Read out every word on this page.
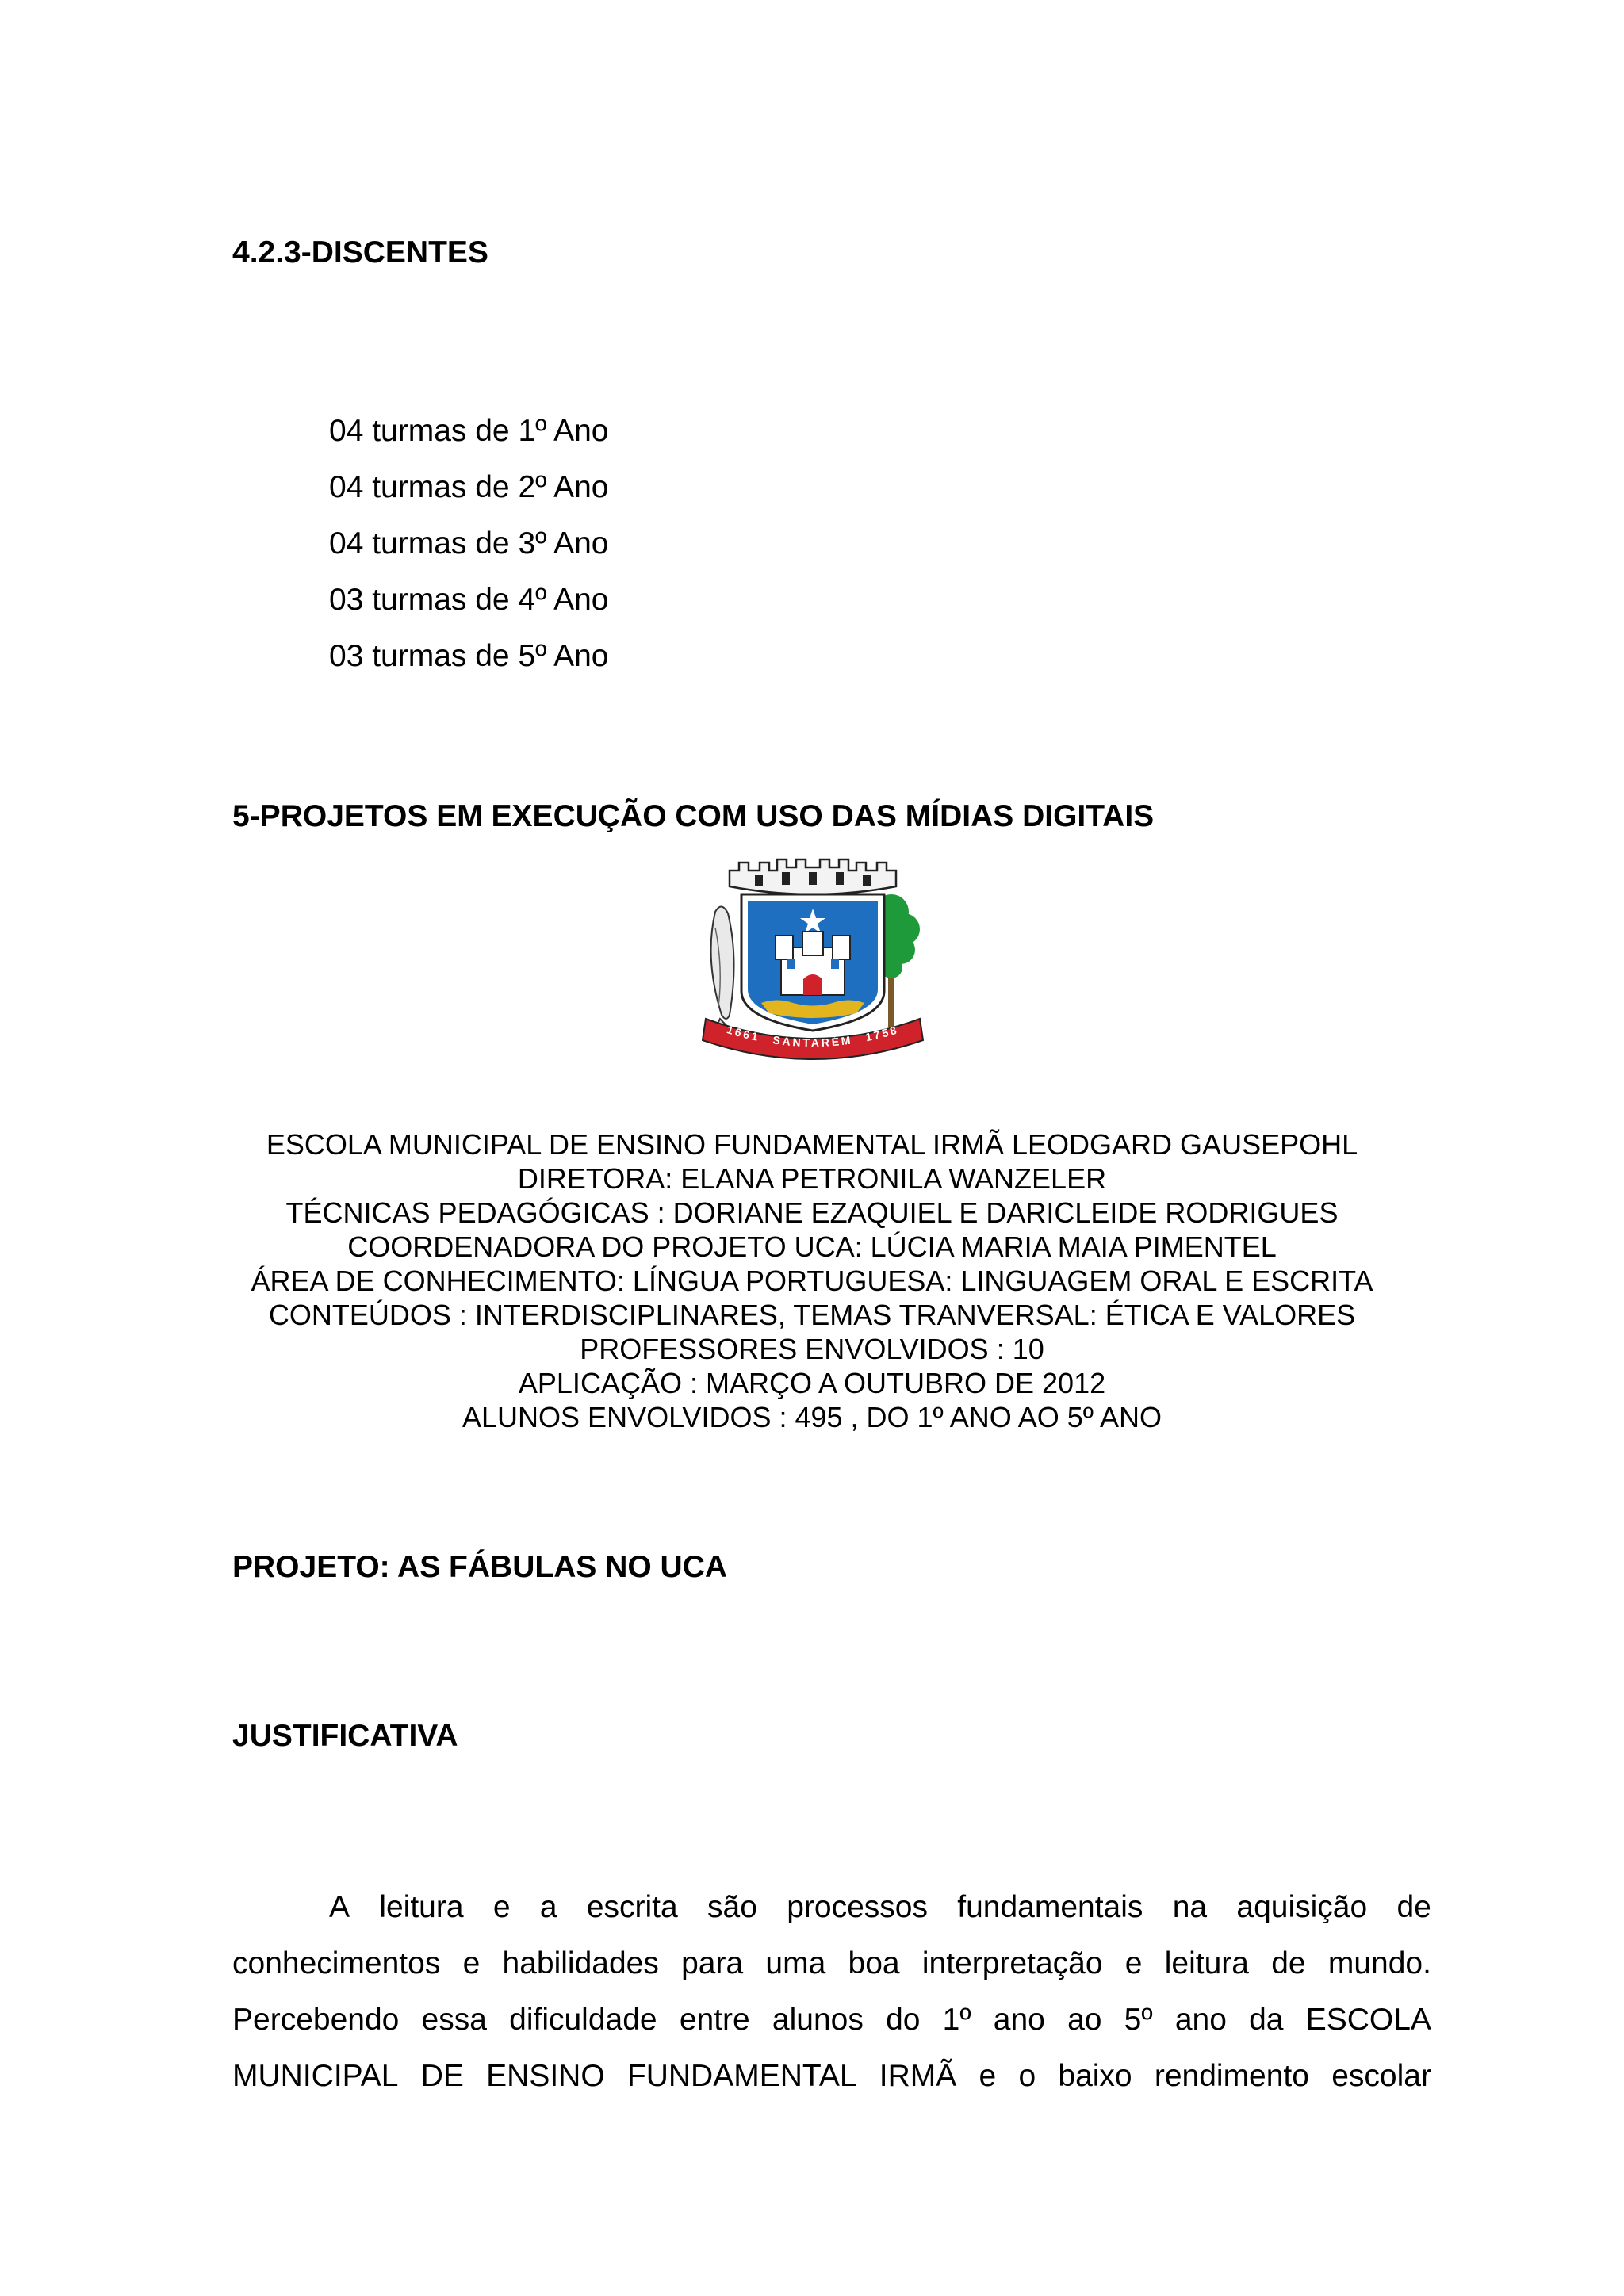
4.2.3-DISCENTES
04 turmas de 1º Ano
04 turmas de 2º Ano
04 turmas de 3º Ano
03 turmas de 4º Ano
03 turmas de 5º Ano
5-PROJETOS EM EXECUÇÃO COM USO DAS MÍDIAS DIGITAIS
1661 SANTARÉM 1758
ESCOLA MUNICIPAL DE ENSINO FUNDAMENTAL IRMÃ LEODGARD GAUSEPOHL
DIRETORA: ELANA PETRONILA WANZELER
TÉCNICAS PEDAGÓGICAS : DORIANE EZAQUIEL E DARICLEIDE RODRIGUES
COORDENADORA DO PROJETO UCA: LÚCIA MARIA MAIA PIMENTEL
ÁREA DE CONHECIMENTO: LÍNGUA PORTUGUESA: LINGUAGEM ORAL E ESCRITA
CONTEÚDOS : INTERDISCIPLINARES, TEMAS TRANVERSAL: ÉTICA E VALORES
PROFESSORES ENVOLVIDOS : 10
APLICAÇÃO : MARÇO A OUTUBRO DE 2012
ALUNOS ENVOLVIDOS : 495 , DO 1º ANO AO 5º ANO
PROJETO: AS FÁBULAS NO UCA
JUSTIFICATIVA
A leitura e a escrita são processos fundamentais na aquisição de
conhecimentos e habilidades para uma boa interpretação e leitura de mundo.
Percebendo essa dificuldade entre alunos do 1º ano ao 5º ano da ESCOLA
MUNICIPAL DE ENSINO FUNDAMENTAL IRMÃ e o baixo rendimento escolar
